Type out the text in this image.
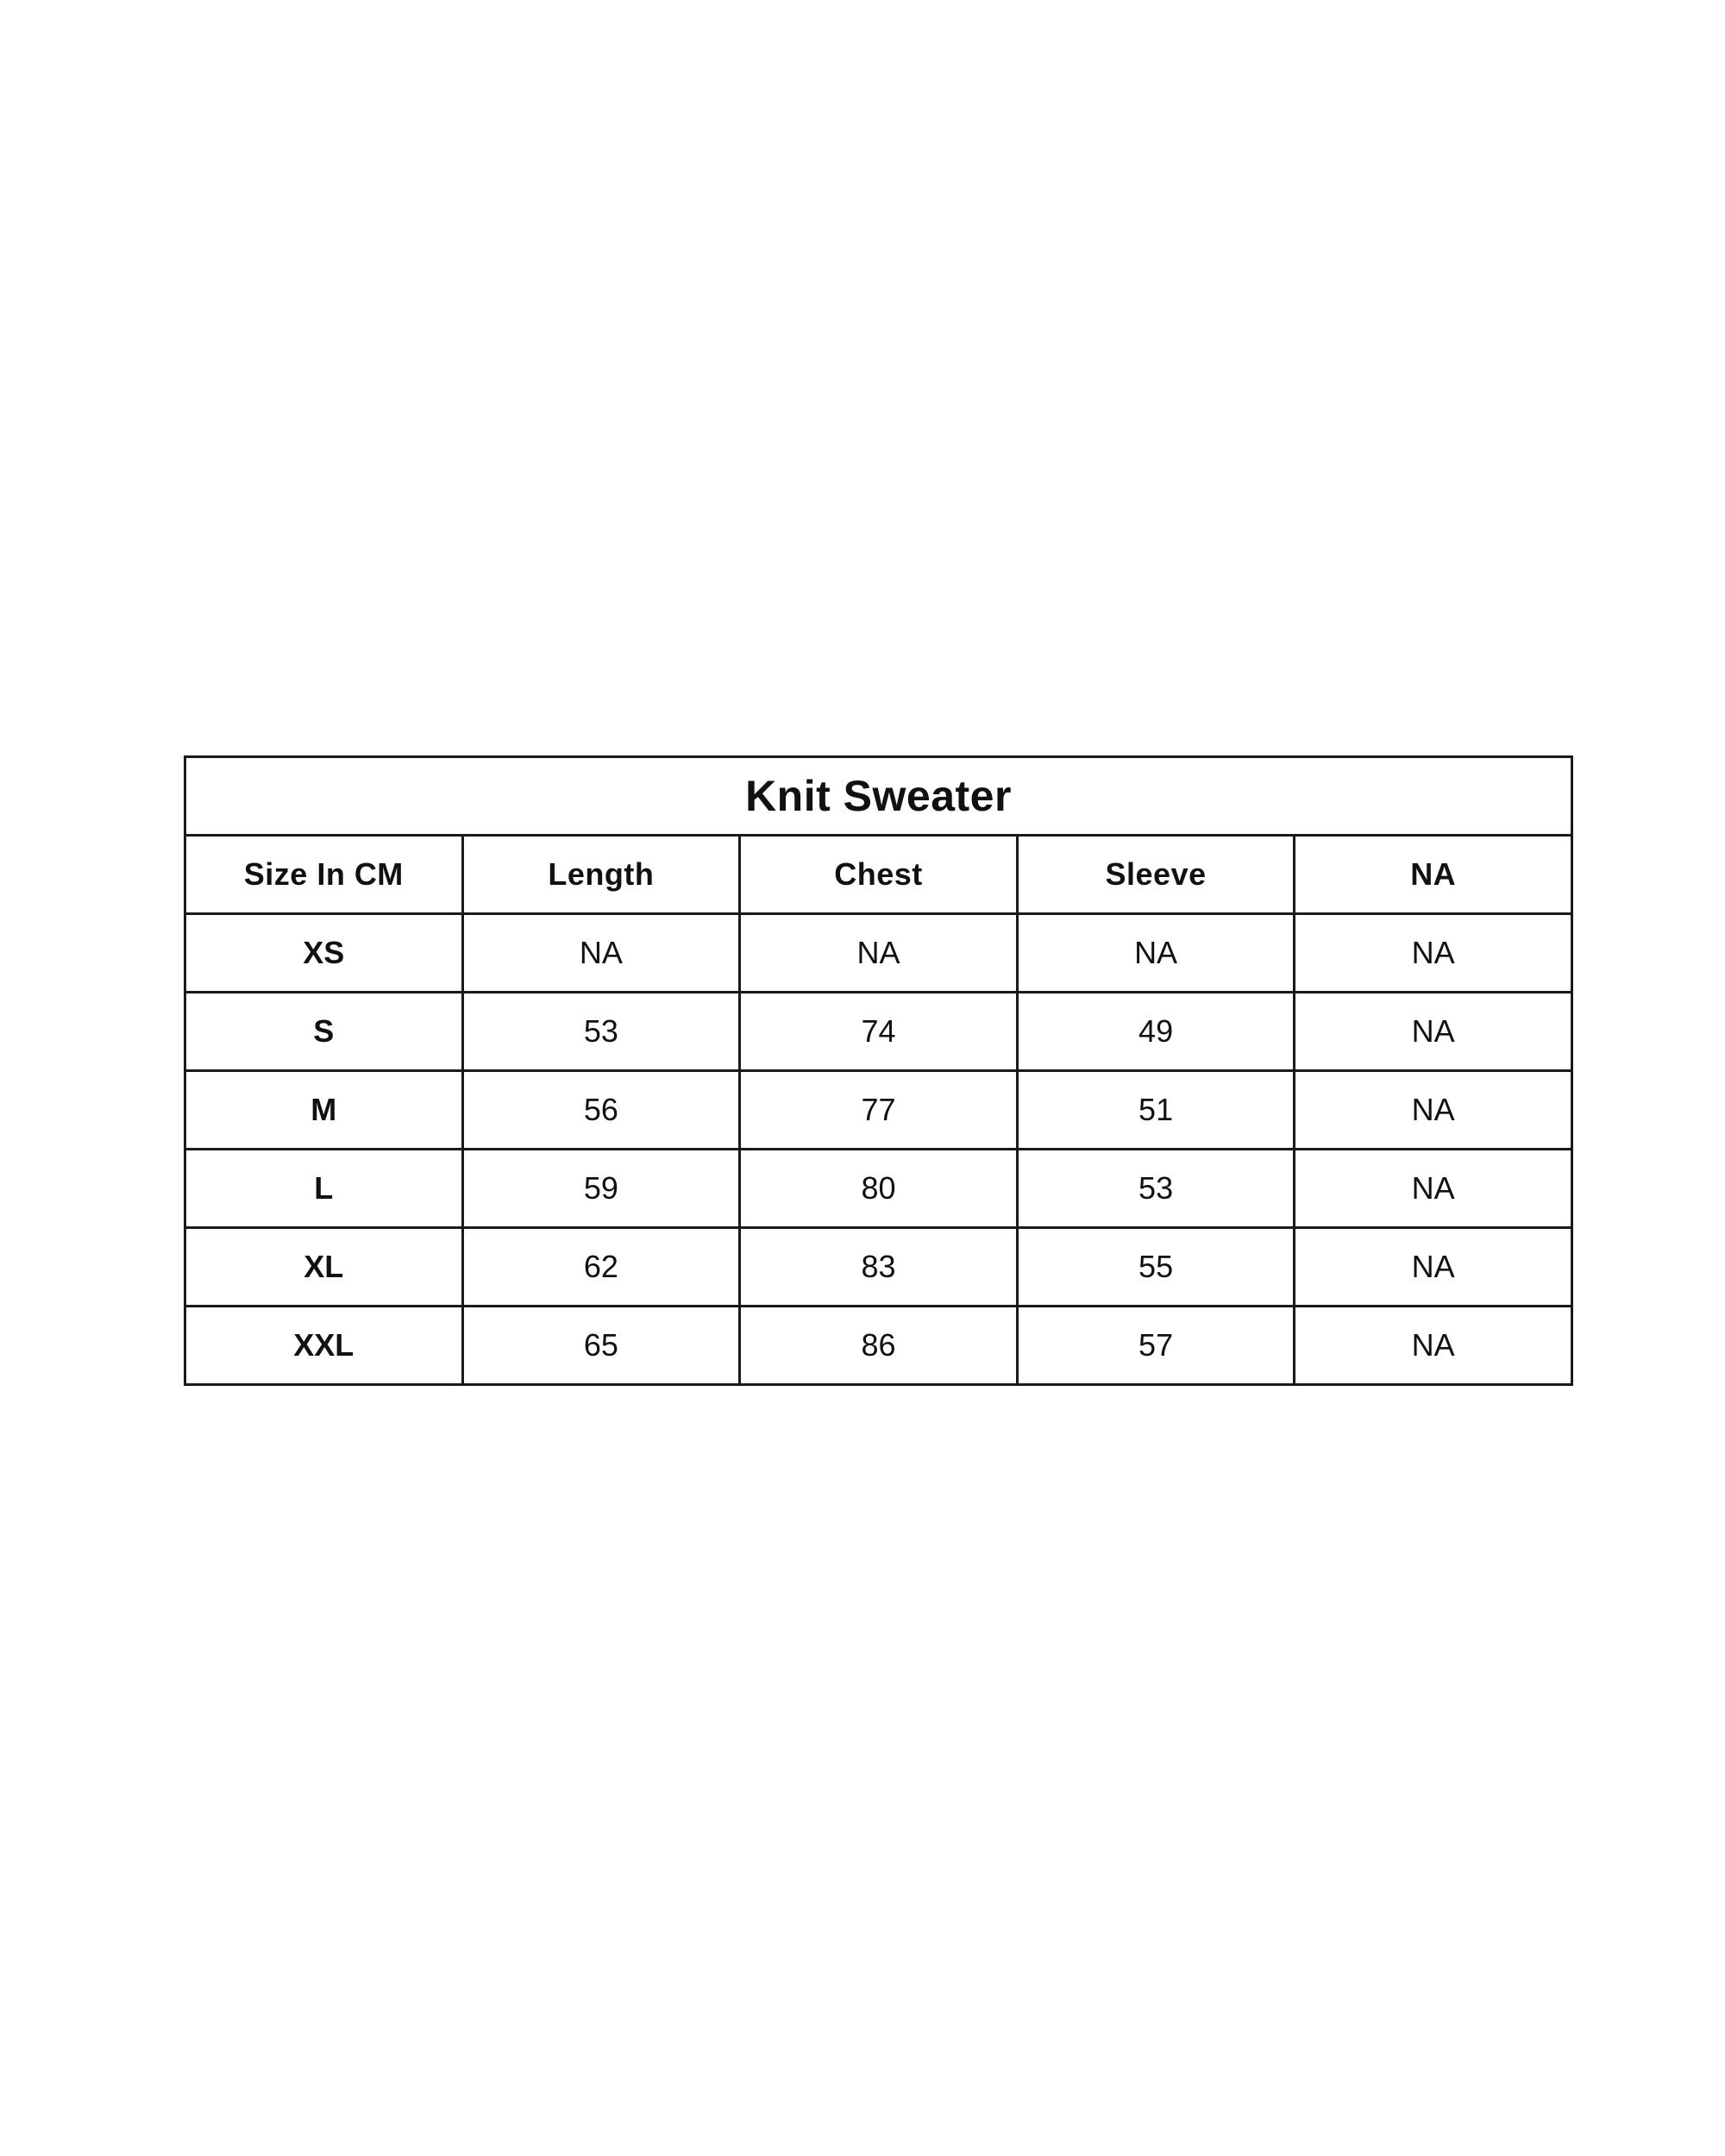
Knit Sweater				
Size In CM	Length	Chest	Sleeve	NA
XS	NA	NA	NA	NA
S	53	74	49	NA
M	56	77	51	NA
L	59	80	53	NA
XL	62	83	55	NA
XXL	65	86	57	NA
